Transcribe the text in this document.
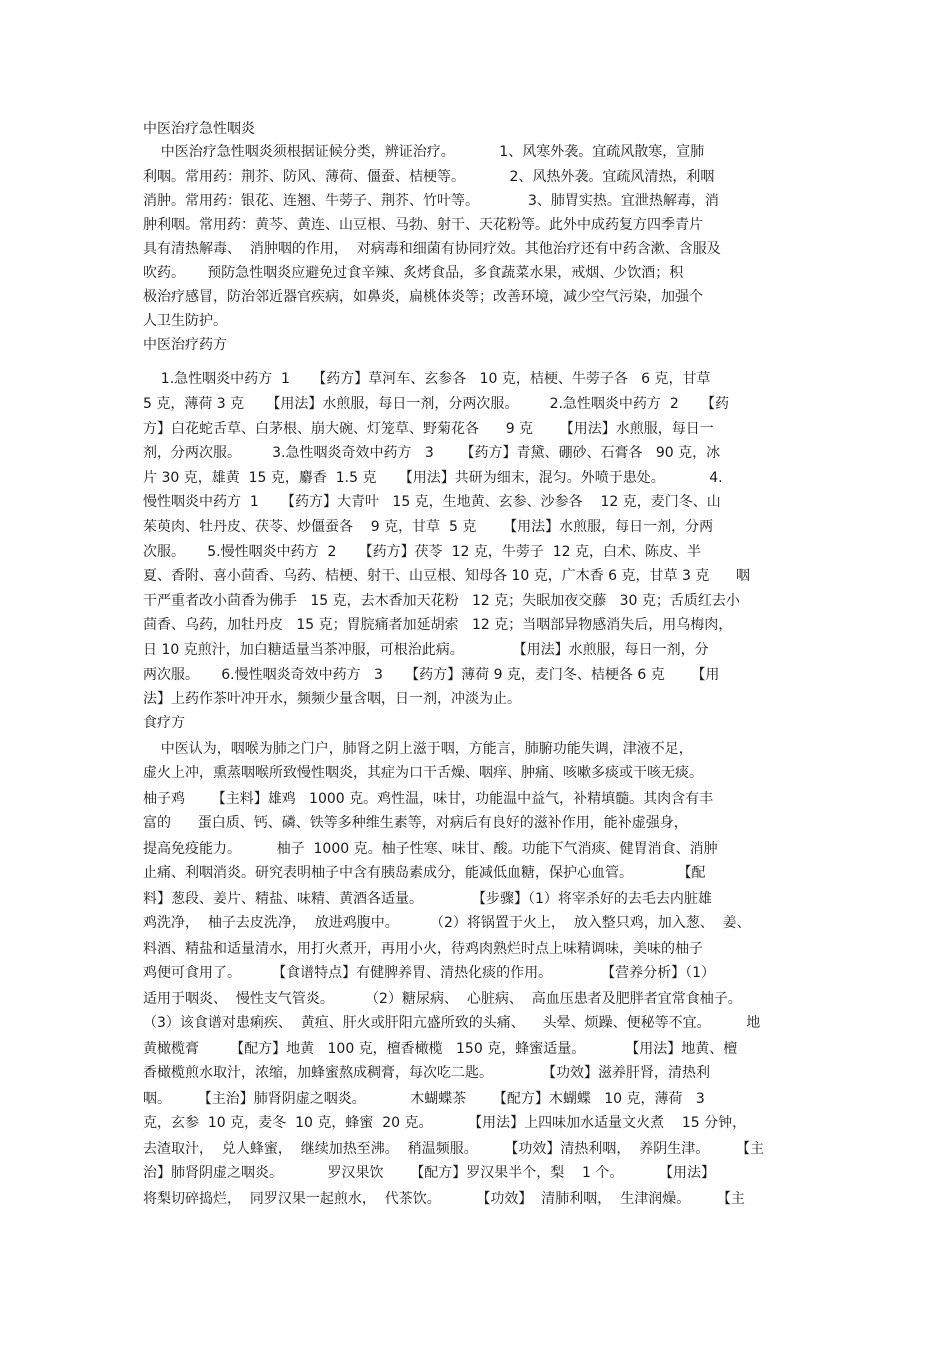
中医治疗急性咽炎

中医治疗急性咽炎须根据证候分类，辨证治疗。          1、风寒外袭。宜疏风散寒，宣肺

利咽。常用药：荆芥、防风、薄荷、僵蚕、桔梗等。          2、风热外袭。宜疏风清热，利咽

消肿。常用药：银花、连翘、牛蒡子、荆芥、竹叶等。           3、肺胃实热。宜泄热解毒，消

肿利咽。常用药：黄芩、黄连、山豆根、马勃、射干、天花粉等。此外中成药复方四季青片

具有清热解毒、  消肿咽的作用，  对病毒和细菌有协同疗效。其他治疗还有中药含漱、含服及

吹药。     预防急性咽炎应避免过食辛辣、炙烤食品，多食蔬菜水果，戒烟、少饮酒；积

极治疗感冒，防治邻近器官疾病，如鼻炎，扁桃体炎等；改善环境，减少空气污染，加强个

人卫生防护。

中医治疗药方

1.急性咽炎中药方  1     【药方】草河车、玄参各   10 克，桔梗、牛蒡子各   6 克，甘草

5 克，薄荷 3 克     【用法】水煎服，每日一剂，分两次服。       2.急性咽炎中药方  2     【药

方】白花蛇舌草、白茅根、崩大碗、灯笼草、野菊花各      9 克      【用法】水煎服，每日一

剂，分两次服。       3.急性咽炎奇效中药方   3      【药方】青黛、硼砂、石膏各   90 克，冰

片 30 克，雄黄  15 克，麝香  1.5 克     【用法】共研为细末，混匀。外喷于患处。          4.

慢性咽炎中药方  1     【药方】大青叶   15 克，生地黄、玄参、沙参各    12 克，麦门冬、山

茱萸肉、牡丹皮、茯苓、炒僵蚕各    9 克，甘草  5 克      【用法】水煎服，每日一剂，分两

次服。     5.慢性咽炎中药方  2     【药方】茯苓  12 克，牛蒡子  12 克，白术、陈皮、半

夏、香附、喜小茴香、乌药、桔梗、射干、山豆根、知母各 10 克，广木香 6 克，甘草 3 克      咽

干严重者改小茴香为佛手   15 克，去木香加天花粉   12 克；失眠加夜交藤   30 克；舌质红去小

茴香、乌药，加牡丹皮   15 克；胃脘痛者加延胡索   12 克；当咽部异物感消失后，用乌梅肉，

日 10 克煎汁，加白糖适量当茶冲服，可根治此病。           【用法】水煎服，每日一剂，分

两次服。     6.慢性咽炎奇效中药方   3     【药方】薄荷 9 克，麦门冬、桔梗各 6 克      【用

法】上药作茶叶冲开水，频频少量含咽，日一剂，冲淡为止。

食疗方

中医认为，咽喉为肺之门户，肺肾之阴上滋于咽，方能言，肺腑功能失调，津液不足，

虚火上冲，熏蒸咽喉所致慢性咽炎，其症为口干舌燥、咽痒、肿痛、咳嗽多痰或干咳无痰。

柚子鸡      【主料】雄鸡   1000 克。鸡性温，味甘，功能温中益气，补精填髓。其肉含有丰

富的      蛋白质、钙、磷、铁等多种维生素等，对病后有良好的滋补作用，能补虚强身，

提高免疫能力。        柚子  1000 克。柚子性寒、味甘、酸。功能下气消痰、健胃消食、消肿

止痛、利咽消炎。研究表明柚子中含有胰岛素成分，能减低血糖，保护心血管。          【配

料】葱段、姜片、精盐、味精、黄酒各适量。           【步骤】（1）将宰杀好的去毛去内脏雄

鸡洗净，  柚子去皮洗净，  放进鸡腹中。       （2）将锅置于火上，  放入整只鸡，加入葱、  姜、

料酒、精盐和适量清水，用打火煮开，再用小火，待鸡肉熟烂时点上味精调味，美味的柚子

鸡便可食用了。       【食谱特点】有健脾养胃、清热化痰的作用。           【营养分析】（1）

适用于咽炎、  慢性支气管炎。       （2）糖尿病、  心脏病、  高血压患者及肥胖者宜常食柚子。

（3）该食谱对患痢疾、  黄疸、肝火或肝阳亢盛所致的头痛、    头晕、烦躁、便秘等不宜。        地

黄橄榄膏       【配方】地黄   100 克，檀香橄榄   150 克，蜂蜜适量。         【用法】地黄、檀

香橄榄煎水取汁，浓缩，加蜂蜜熬成稠膏，每次吃二匙。           【功效】滋养肝肾，清热利

咽。      【主治】肺肾阴虚之咽炎。          木蝴蝶茶      【配方】木蝴蝶   10 克，薄荷   3

克，玄参  10 克，麦冬  10 克，蜂蜜  20 克。        【用法】上四味加水适量文火煮    15 分钟，

去渣取汁，  兑人蜂蜜，  继续加热至沸。  稍温频服。      【功效】清热利咽，  养阴生津。      【主

治】肺肾阴虚之咽炎。          罗汉果饮      【配方】罗汉果半个，梨    1 个。        【用法】

将梨切碎捣烂，  同罗汉果一起煎水，  代茶饮。        【功效】  清肺利咽，  生津润燥。      【主
